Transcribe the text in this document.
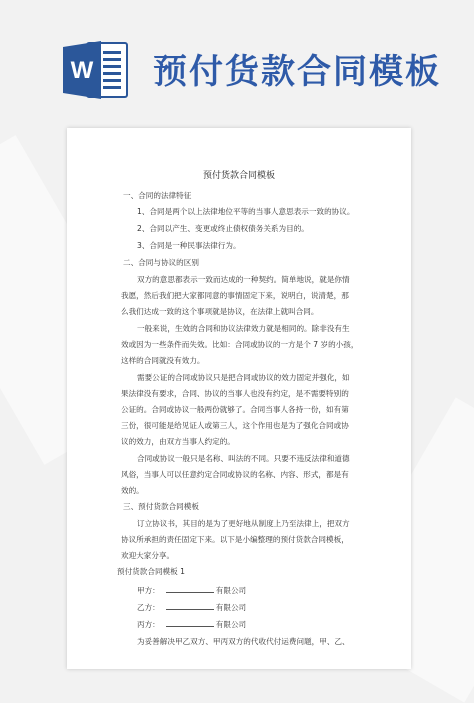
W 预付货款合同模板
预付货款合同模板
一、合同的法律特征
1、合同是两个以上法律地位平等的当事人意思表示一致的协议。
2、合同以产生、变更或终止债权债务关系为目的。
3、合同是一种民事法律行为。
二、合同与协议的区别
双方的意思都表示一致而达成的一种契约。简单地说，就是你情
我愿，然后我们把大家都同意的事情固定下来，说明白，说清楚，那
么我们达成一致的这个事项就是协议，在法律上就叫合同。
一般来说，生效的合同和协议法律效力就是相同的。除非没有生
效或因为一些条件而失效。比如：合同或协议的一方是个 7 岁的小孩，
这样的合同就没有效力。
需要公证的合同或协议只是把合同或协议的效力固定并强化，如
果法律没有要求，合同、协议的当事人也没有约定，是不需要特别的
公证的。合同或协议一般两份就够了。合同当事人各持一份，如有第
三份，很可能是给见证人或第三人，这个作用也是为了强化合同或协
议的效力，由双方当事人约定的。
合同或协议一般只是名称、叫法的不同。只要不违反法律和道德
风俗，当事人可以任意约定合同或协议的名称、内容、形式，都是有
效的。
三、预付货款合同模板
订立协议书，其目的是为了更好地从制度上乃至法律上，把双方
协议所承担的责任固定下来。以下是小编整理的预付货款合同模板，
欢迎大家分享。
预付货款合同模板 1
甲方：	有限公司
乙方：	有限公司
丙方：	有限公司
为妥善解决甲乙双方、甲丙双方的代收代付运费问题，甲、乙、
